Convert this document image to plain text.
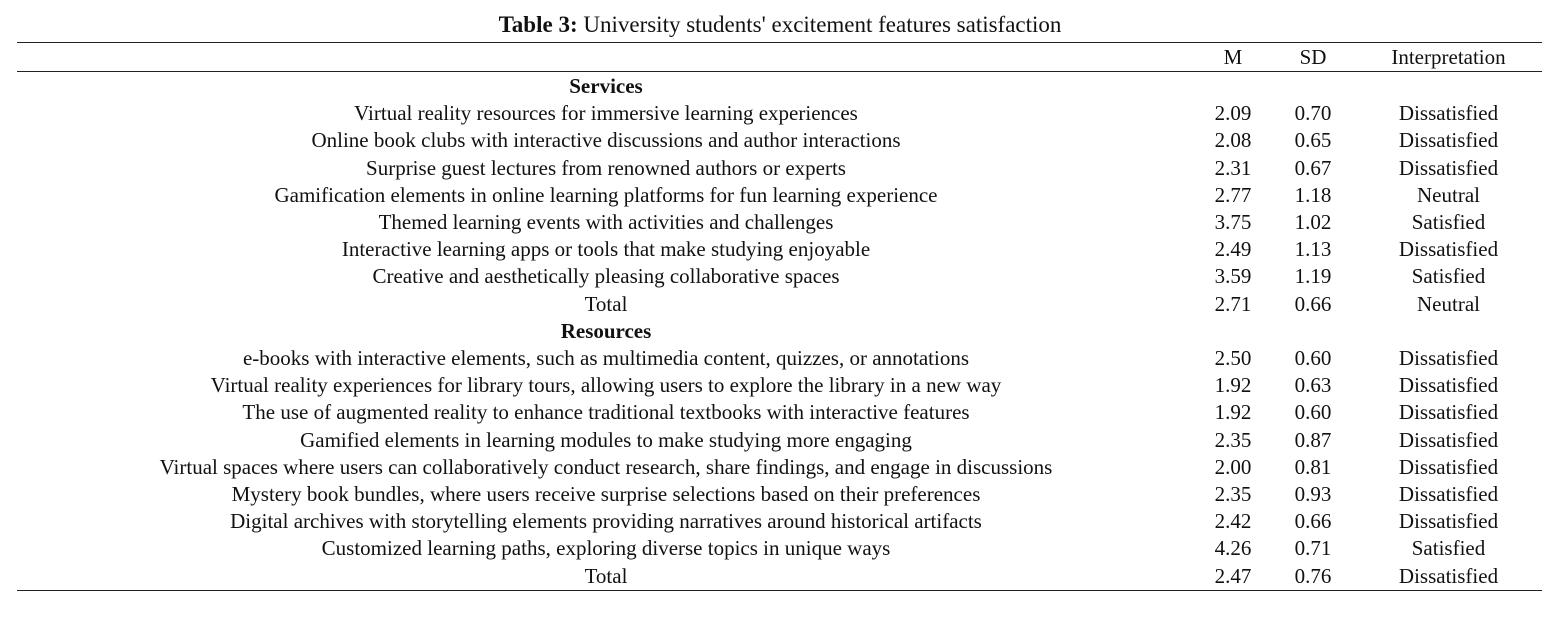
Table 3: University students' excitement features satisfaction
	M	SD	Interpretation

Services			
Virtual reality resources for immersive learning experiences	2.09	0.70	Dissatisfied
Online book clubs with interactive discussions and author interactions	2.08	0.65	Dissatisfied
Surprise guest lectures from renowned authors or experts	2.31	0.67	Dissatisfied
Gamification elements in online learning platforms for fun learning experience	2.77	1.18	Neutral
Themed learning events with activities and challenges	3.75	1.02	Satisfied
Interactive learning apps or tools that make studying enjoyable	2.49	1.13	Dissatisfied
Creative and aesthetically pleasing collaborative spaces	3.59	1.19	Satisfied
Total	2.71	0.66	Neutral
Resources			
e-books with interactive elements, such as multimedia content, quizzes, or annotations	2.50	0.60	Dissatisfied
Virtual reality experiences for library tours, allowing users to explore the library in a new way	1.92	0.63	Dissatisfied
The use of augmented reality to enhance traditional textbooks with interactive features	1.92	0.60	Dissatisfied
Gamified elements in learning modules to make studying more engaging	2.35	0.87	Dissatisfied
Virtual spaces where users can collaboratively conduct research, share findings, and engage in discussions	2.00	0.81	Dissatisfied
Mystery book bundles, where users receive surprise selections based on their preferences	2.35	0.93	Dissatisfied
Digital archives with storytelling elements providing narratives around historical artifacts	2.42	0.66	Dissatisfied
Customized learning paths, exploring diverse topics in unique ways	4.26	0.71	Satisfied
Total	2.47	0.76	Dissatisfied
